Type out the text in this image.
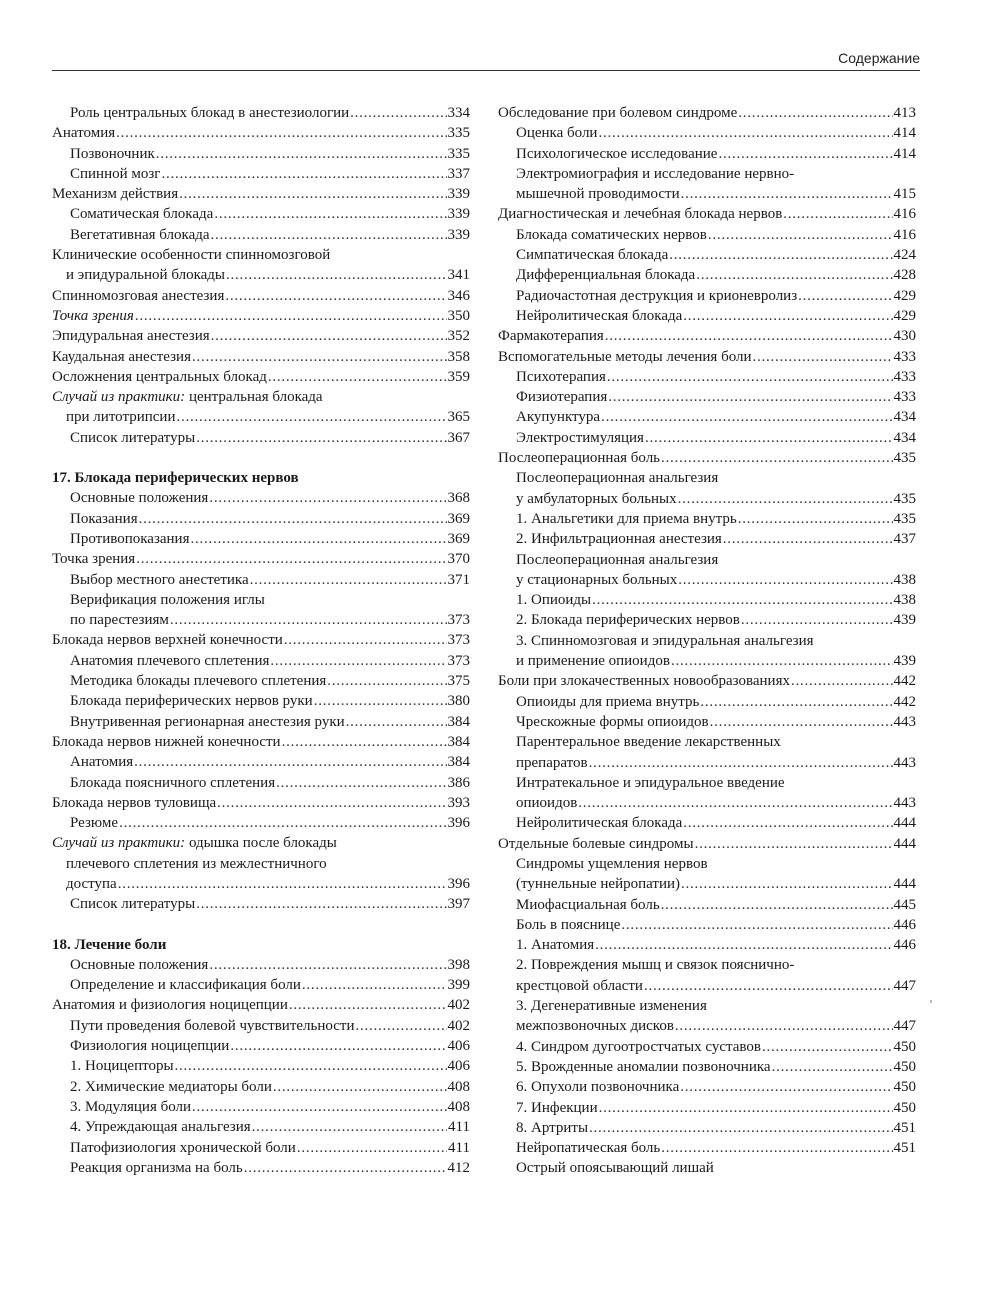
Содержание
Роль центральных блокад в анестезиологии . . .	334
Анатомия . . .	335
Позвоночник . . .	335
Спинной мозг . . .	337
Механизм действия . . .	339
Соматическая блокада . . .	339
Вегетативная блокада . . .	339
Клинические особенности спинномозговой
и эпидуральной блокады . . .	341
Спинномозговая анестезия . . .	346
Точка зрения . . .	350
Эпидуральная анестезия . . .	352
Каудальная анестезия . . .	358
Осложнения центральных блокад . . .	359
Случай из практики: центральная блокада
при литотрипсии . . .	365
Список литературы . . .	367
17. Блокада периферических нервов
Основные положения . . .	368
Показания . . .	369
Противопоказания . . .	369
Точка зрения . . .	370
Выбор местного анестетика . . .	371
Верификация положения иглы
по парестезиям . . .	373
Блокада нервов верхней конечности . . .	373
Анатомия плечевого сплетения . . .	373
Методика блокады плечевого сплетения . . .	375
Блокада периферических нервов руки . . .	380
Внутривенная регионарная анестезия руки . . .	384
Блокада нервов нижней конечности . . .	384
Анатомия . . .	384
Блокада поясничного сплетения . . .	386
Блокада нервов туловища . . .	393
Резюме . . .	396
Случай из практики: одышка после блокады
плечевого сплетения из межлестничного
доступа . . .	396
Список литературы . . .	397
18. Лечение боли
Основные положения . . .	398
Определение и классификация боли . . .	399
Анатомия и физиология ноцицепции . . .	402
Пути проведения болевой чувствительности . . .	402
Физиология ноцицепции . . .	406
1. Ноцицепторы . . .	406
2. Химические медиаторы боли . . .	408
3. Модуляция боли . . .	408
4. Упреждающая анальгезия . . .	411
Патофизиология хронической боли . . .	411
Реакция организма на боль . . .	412
Обследование при болевом синдроме . . .	413
Оценка боли . . .	414
Психологическое исследование . . .	414
Электромиография и исследование нервно-
мышечной проводимости . . .	415
Диагностическая и лечебная блокада нервов . . .	416
Блокада соматических нервов . . .	416
Симпатическая блокада . . .	424
Дифференциальная блокада . . .	428
Радиочастотная деструкция и крионевролиз . . .	429
Нейролитическая блокада . . .	429
Фармакотерапия . . .	430
Вспомогательные методы лечения боли . . .	433
Психотерапия . . .	433
Физиотерапия . . .	433
Акупунктура . . .	434
Электростимуляция . . .	434
Послеоперационная боль . . .	435
Послеоперационная анальгезия
у амбулаторных больных . . .	435
1. Анальгетики для приема внутрь . . .	435
2. Инфильтрационная анестезия . . .	437
Послеоперационная анальгезия
у стационарных больных . . .	438
1. Опиоиды . . .	438
2. Блокада периферических нервов . . .	439
3. Спинномозговая и эпидуральная анальгезия
и применение опиоидов . . .	439
Боли при злокачественных новообразованиях . . .	442
Опиоиды для приема внутрь . . .	442
Чрескожные формы опиоидов . . .	443
Парентеральное введение лекарственных
препаратов . . .	443
Интратекальное и эпидуральное введение
опиоидов . . .	443
Нейролитическая блокада . . .	444
Отдельные болевые синдромы . . .	444
Синдромы ущемления нервов
(туннельные нейропатии) . . .	444
Миофасциальная боль . . .	445
Боль в пояснице . . .	446
1. Анатомия . . .	446
2. Повреждения мышц и связок пояснично-
крестцовой области . . .	447
3. Дегенеративные изменения
межпозвоночных дисков . . .	447
4. Синдром дугоотростчатых суставов . . .	450
5. Врожденные аномалии позвоночника . . .	450
6. Опухоли позвоночника . . .	450
7. Инфекции . . .	450
8. Артриты . . .	451
Нейропатическая боль . . .	451
Острый опоясывающий лишай
